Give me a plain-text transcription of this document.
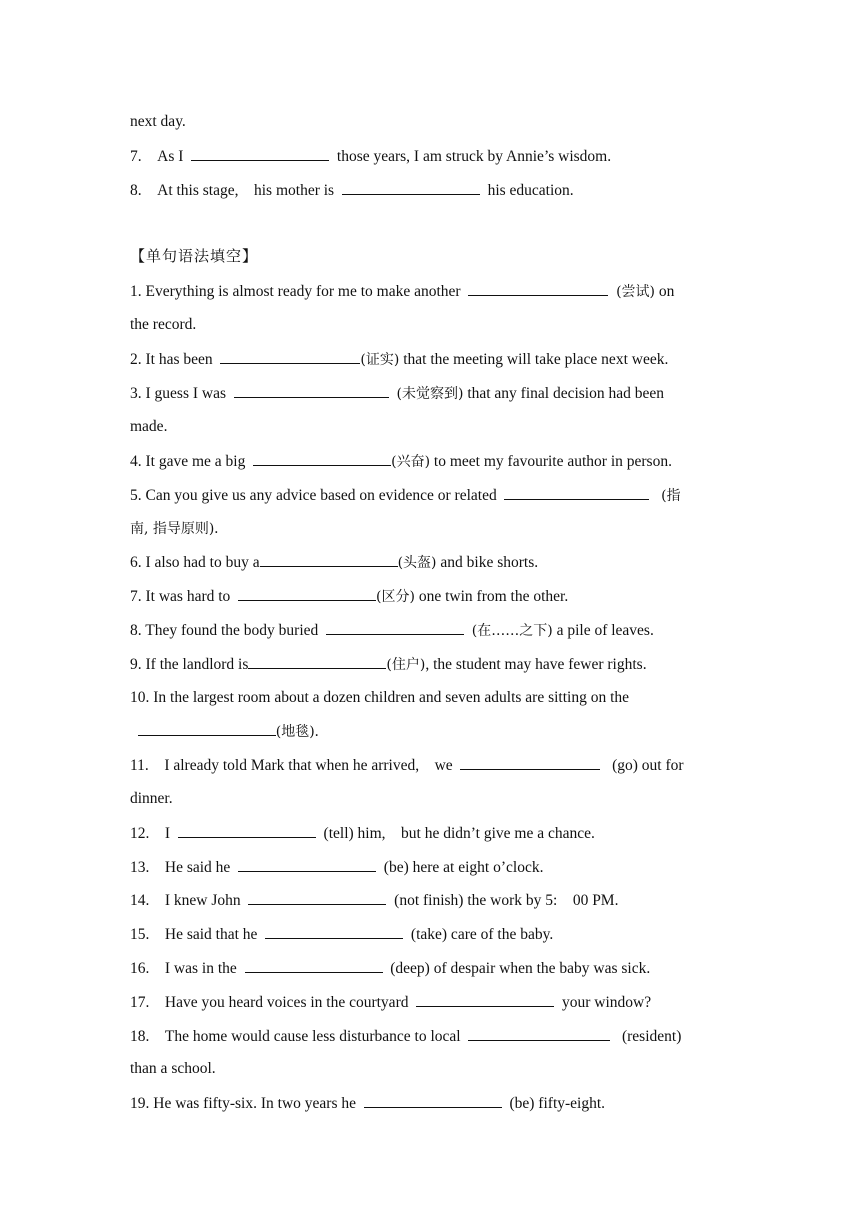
next day.
7. As I	those years, I am struck by Annie’s wisdom.
8. At this stage,    his mother is	his education.
【单句语法填空】
1. Everything is almost ready for me to make another	(尝试) on
the record.
2. It has been	(证实) that the meeting will take place next week.
3. I guess I was	(未觉察到) that any final decision had been
made.
4. It gave me a big	(兴奋) to meet my favourite author in person.
5. Can you give us any advice based on evidence or related	(指
南, 指导原则).
6. I also had to buy a	(头盔) and bike shorts.
7. It was hard to	(区分) one twin from the other.
8. They found the body buried	(在……之下) a pile of leaves.
9. If the landlord is	(住户), the student may have fewer rights.
10. In the largest room about a dozen children and seven adults are sitting on the
(地毯).
11. I already told Mark that when he arrived,    we	(go) out for
dinner.
12. I	(tell) him,    but he didn’t give me a chance.
13. He said he	(be) here at eight o’clock.
14. I knew John	(not finish) the work by 5:    00 PM.
15. He said that he	(take) care of the baby.
16. I was in the	(deep) of despair when the baby was sick.
17. Have you heard voices in the courtyard	your window?
18. The home would cause less disturbance to local	(resident)
than a school.
19. He was fifty-six. In two years he	(be) fifty-eight.
